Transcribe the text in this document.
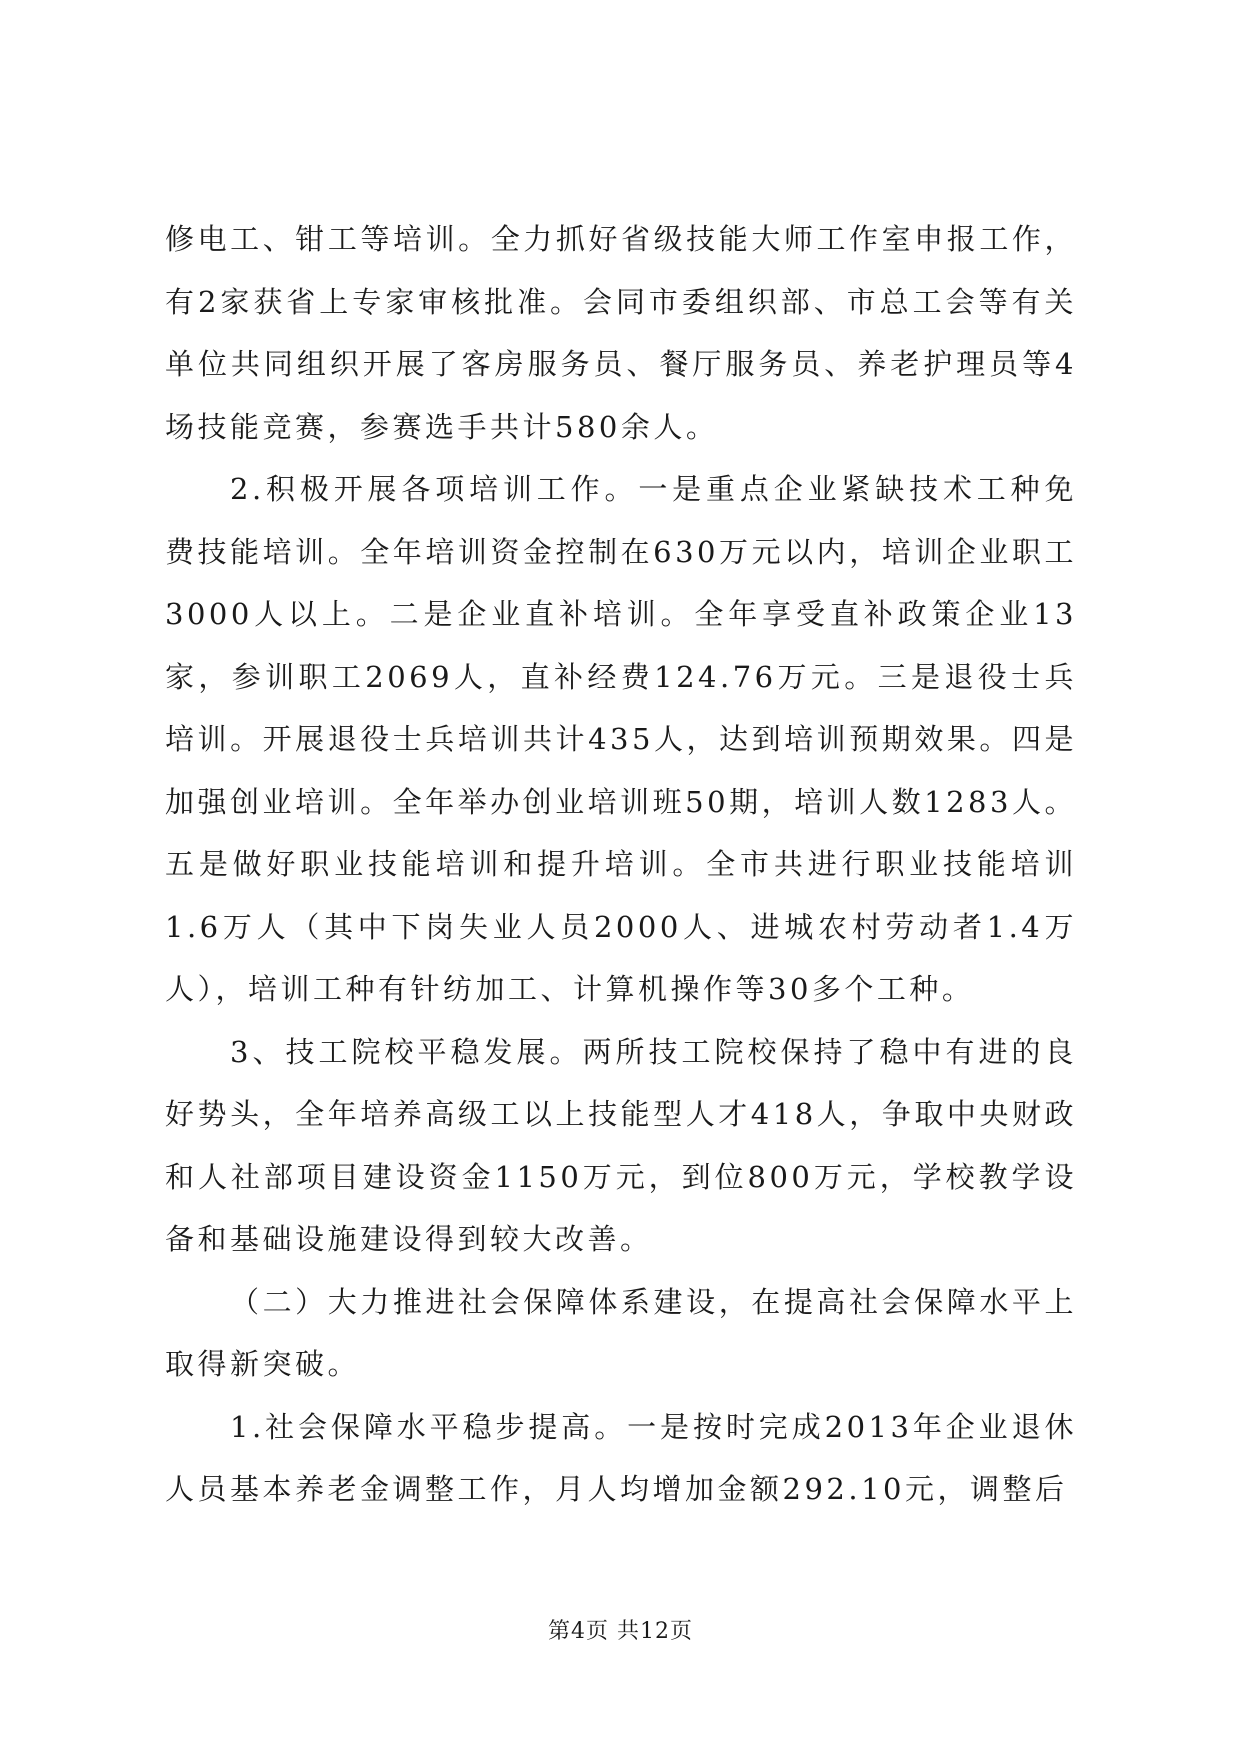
修电工、钳工等培训。全力抓好省级技能大师工作室申报工作，有2家获省上专家审核批准。会同市委组织部、市总工会等有关单位共同组织开展了客房服务员、餐厅服务员、养老护理员等4场技能竞赛，参赛选手共计580余人。

2.积极开展各项培训工作。一是重点企业紧缺技术工种免费技能培训。全年培训资金控制在630万元以内，培训企业职工3000人以上。二是企业直补培训。全年享受直补政策企业13家，参训职工2069人，直补经费124.76万元。三是退役士兵培训。开展退役士兵培训共计435人，达到培训预期效果。四是加强创业培训。全年举办创业培训班50期，培训人数1283人。五是做好职业技能培训和提升培训。全市共进行职业技能培训1.6万人（其中下岗失业人员2000人、进城农村劳动者1.4万人），培训工种有针纺加工、计算机操作等30多个工种。

3、技工院校平稳发展。两所技工院校保持了稳中有进的良好势头，全年培养高级工以上技能型人才418人，争取中央财政和人社部项目建设资金1150万元，到位800万元，学校教学设备和基础设施建设得到较大改善。

（二）大力推进社会保障体系建设，在提高社会保障水平上取得新突破。

1.社会保障水平稳步提高。一是按时完成2013年企业退休人员基本养老金调整工作，月人均增加金额292.10元，调整后

第4页 共12页
